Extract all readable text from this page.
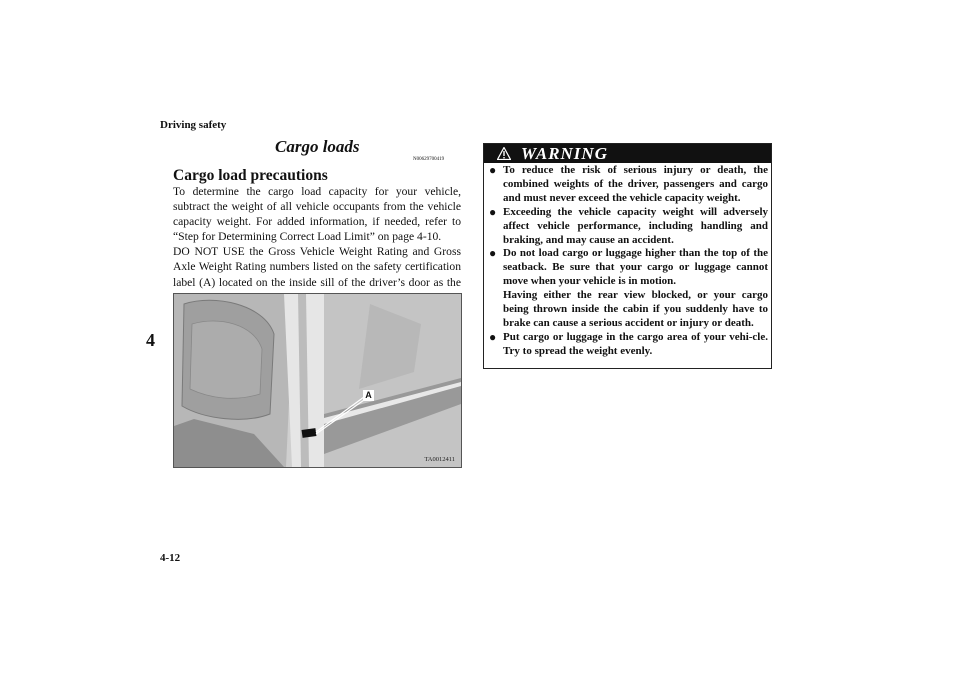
Driving safety
4
4-12
Cargo loads
N00629700419
Cargo load precautions

To determine the cargo load capacity for your vehicle, subtract the weight of all vehicle occupants from the vehicle capacity weight. For added information, if needed, refer to “Step for Determining Correct Load Limit” on page 4-10.

DO NOT USE the Gross Vehicle Weight Rating and Gross Axle Weight Rating numbers listed on the safety certification label (A) located on the inside sill of the driver’s door as the

A
TA0012411
WARNING
● To reduce the risk of serious injury or death, the combined weights of the driver, passengers and cargo and must never exceed the vehicle capacity weight.
● Exceeding the vehicle capacity weight will adversely affect vehicle performance, including handling and braking, and may cause an accident.
● Do not load cargo or luggage higher than the top of the seatback. Be sure that your cargo or luggage cannot move when your vehicle is in motion.
Having either the rear view blocked, or your cargo being thrown inside the cabin if you suddenly have to brake can cause a serious accident or injury or death.
● Put cargo or luggage in the cargo area of your vehi-cle. Try to spread the weight evenly.
